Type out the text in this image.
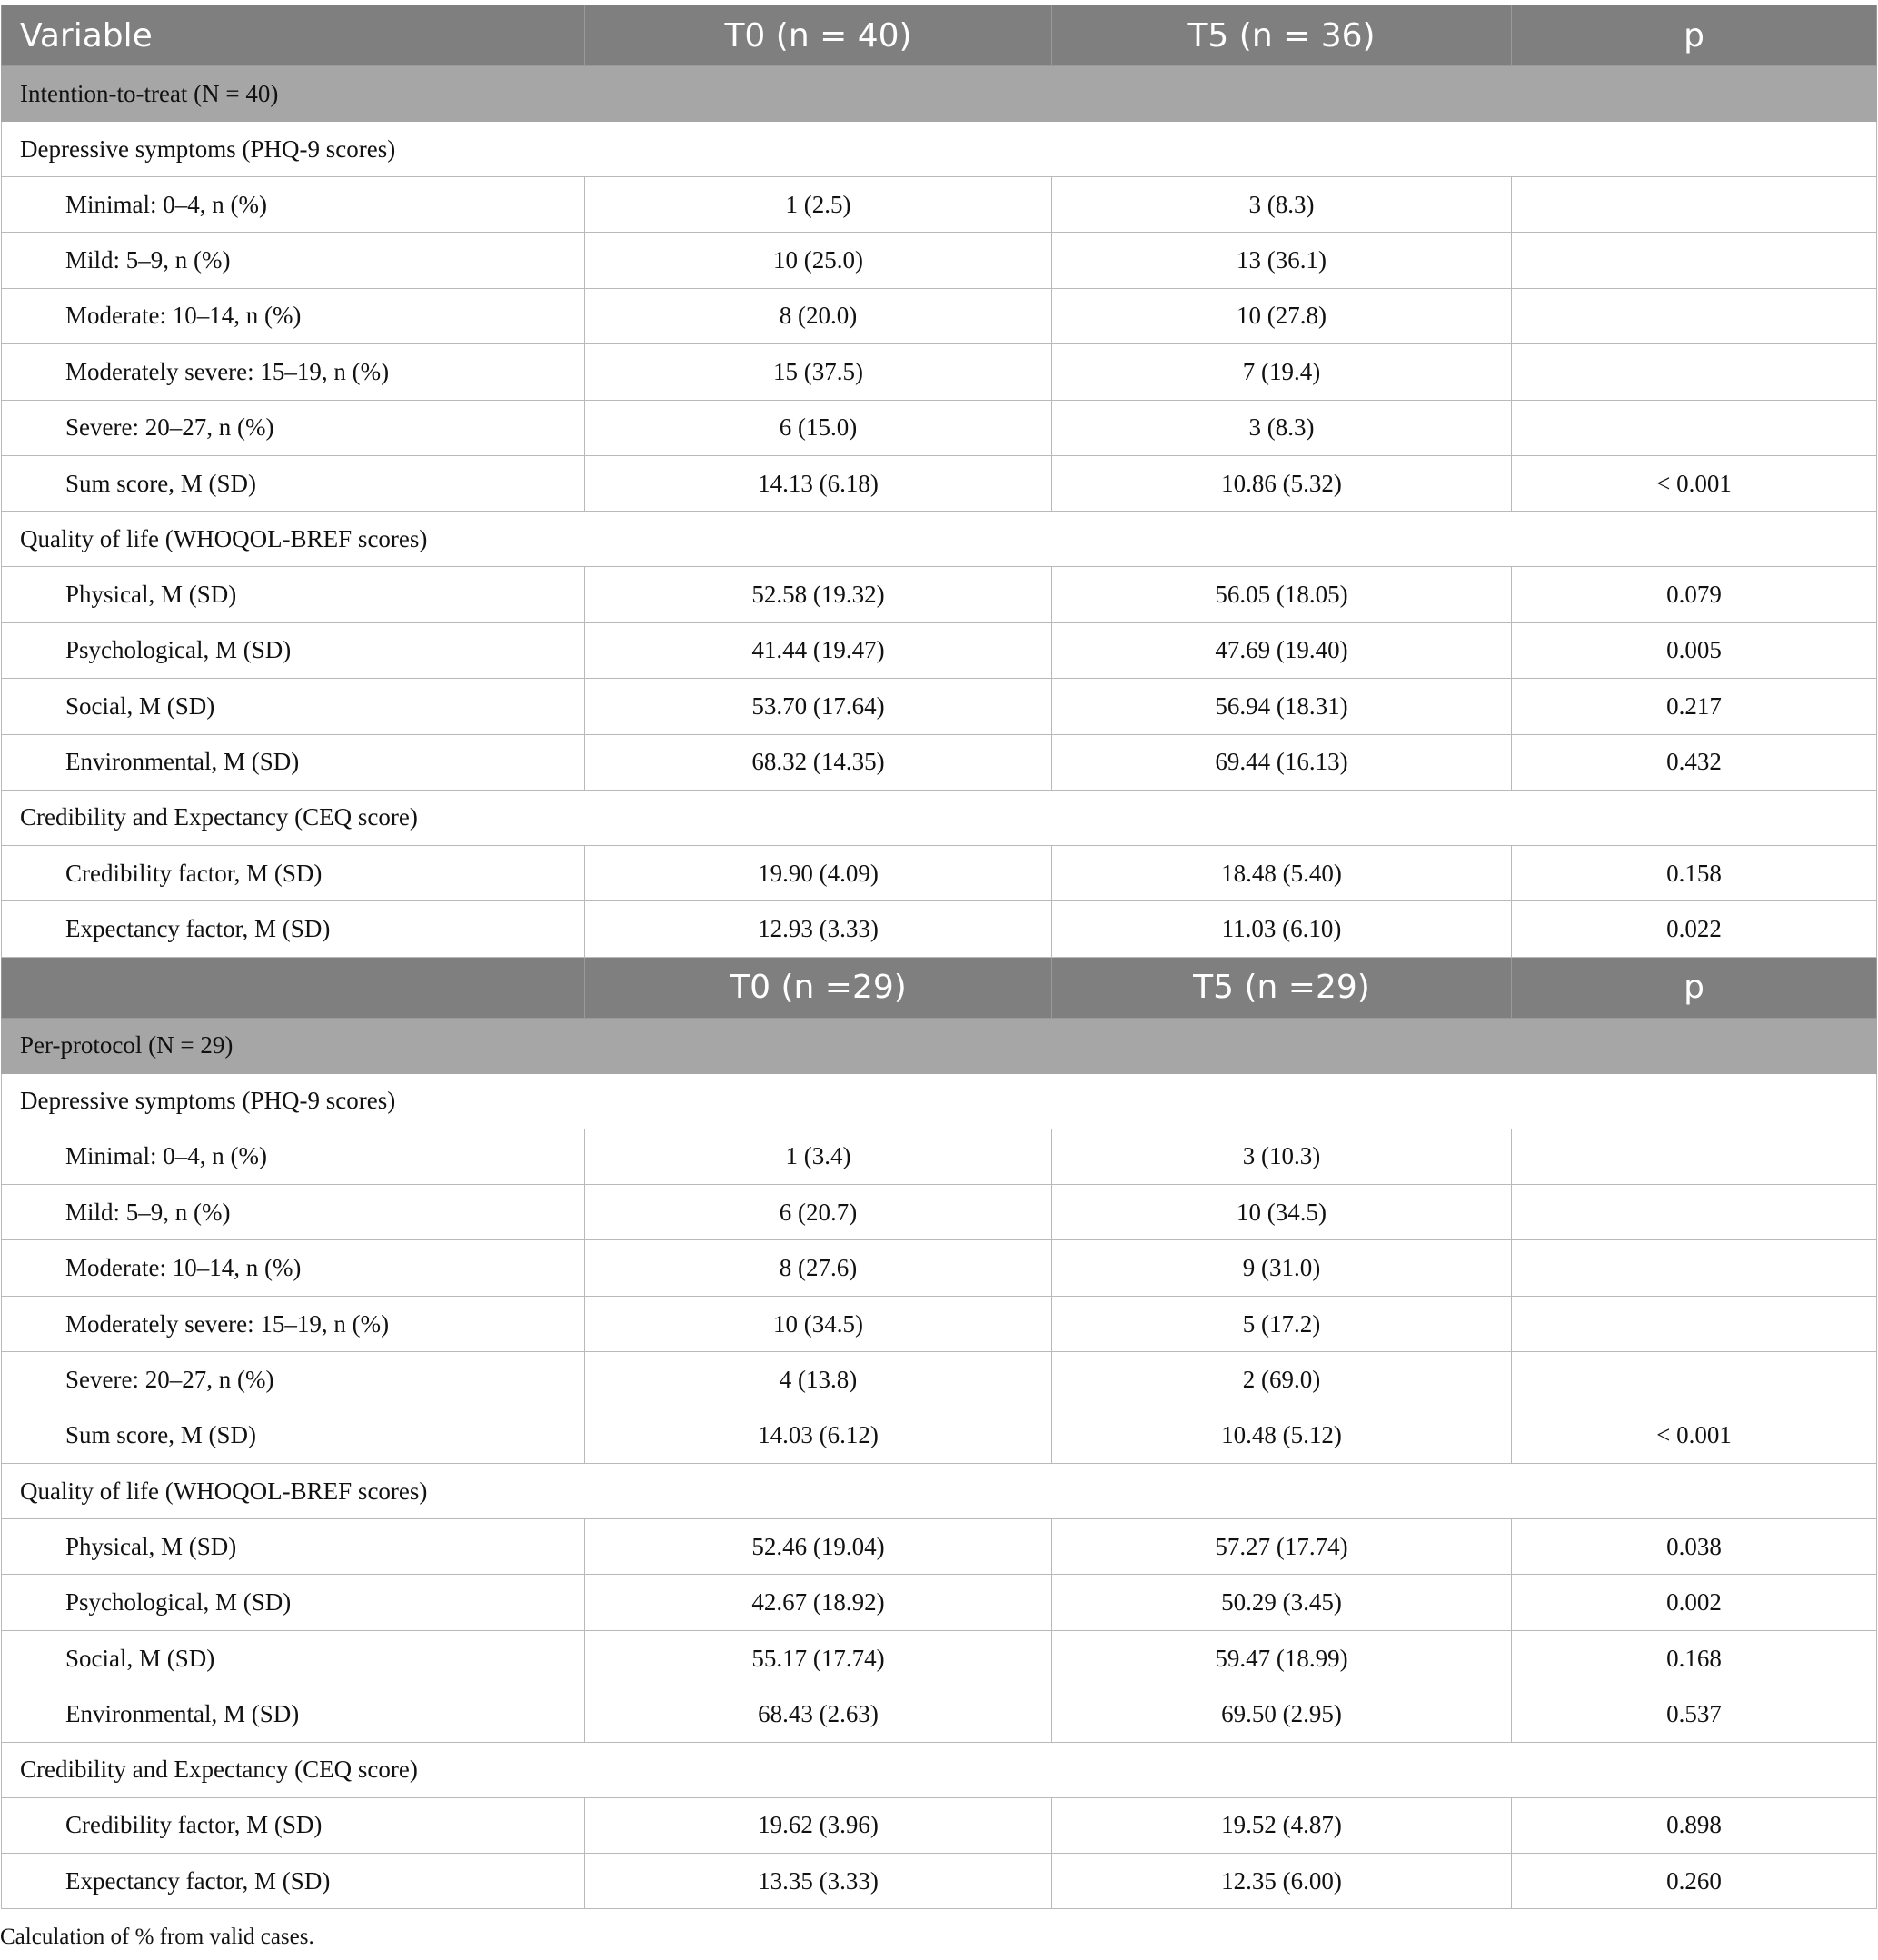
Variable	T0 (n = 40)	T5 (n = 36)	p
Intention-to-treat (N = 40)			
Depressive symptoms (PHQ-9 scores)			
Minimal: 0–4, n (%)	1 (2.5)	3 (8.3)	
Mild: 5–9, n (%)	10 (25.0)	13 (36.1)	
Moderate: 10–14, n (%)	8 (20.0)	10 (27.8)	
Moderately severe: 15–19, n (%)	15 (37.5)	7 (19.4)	
Severe: 20–27, n (%)	6 (15.0)	3 (8.3)	
Sum score, M (SD)	14.13 (6.18)	10.86 (5.32)	< 0.001
Quality of life (WHOQOL-BREF scores)			
Physical, M (SD)	52.58 (19.32)	56.05 (18.05)	0.079
Psychological, M (SD)	41.44 (19.47)	47.69 (19.40)	0.005
Social, M (SD)	53.70 (17.64)	56.94 (18.31)	0.217
Environmental, M (SD)	68.32 (14.35)	69.44 (16.13)	0.432
Credibility and Expectancy (CEQ score)			
Credibility factor, M (SD)	19.90 (4.09)	18.48 (5.40)	0.158
Expectancy factor, M (SD)	12.93 (3.33)	11.03 (6.10)	0.022
	T0 (n =29)	T5 (n =29)	p
Per-protocol (N = 29)			
Depressive symptoms (PHQ-9 scores)			
Minimal: 0–4, n (%)	1 (3.4)	3 (10.3)	
Mild: 5–9, n (%)	6 (20.7)	10 (34.5)	
Moderate: 10–14, n (%)	8 (27.6)	9 (31.0)	
Moderately severe: 15–19, n (%)	10 (34.5)	5 (17.2)	
Severe: 20–27, n (%)	4 (13.8)	2 (69.0)	
Sum score, M (SD)	14.03 (6.12)	10.48 (5.12)	< 0.001
Quality of life (WHOQOL-BREF scores)			
Physical, M (SD)	52.46 (19.04)	57.27 (17.74)	0.038
Psychological, M (SD)	42.67 (18.92)	50.29 (3.45)	0.002
Social, M (SD)	55.17 (17.74)	59.47 (18.99)	0.168
Environmental, M (SD)	68.43 (2.63)	69.50 (2.95)	0.537
Credibility and Expectancy (CEQ score)			
Credibility factor, M (SD)	19.62 (3.96)	19.52 (4.87)	0.898
Expectancy factor, M (SD)	13.35 (3.33)	12.35 (6.00)	0.260
Calculation of % from valid cases.
